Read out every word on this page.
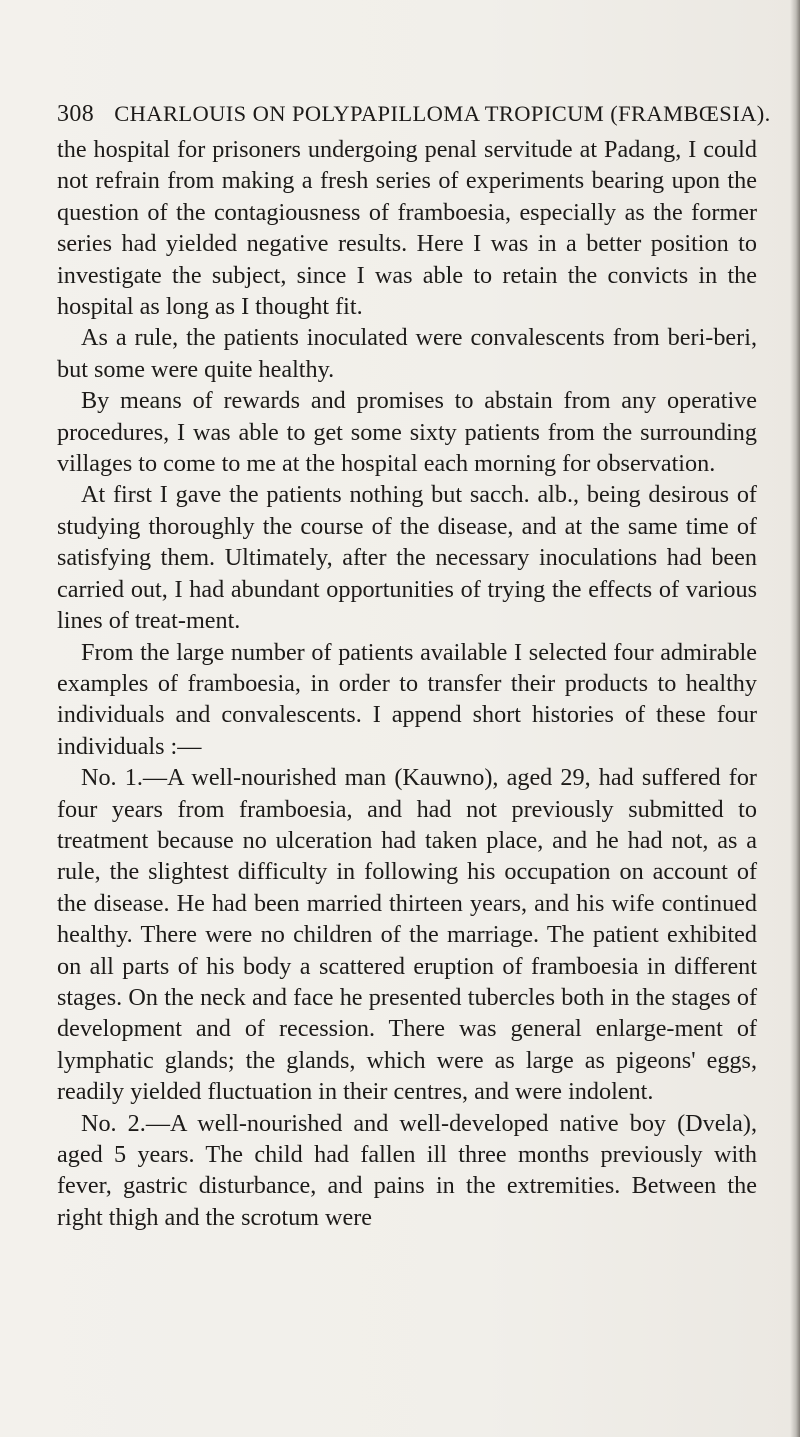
308 CHARLOUIS ON POLYPAPILLOMA TROPICUM (FRAMBŒSIA).

the hospital for prisoners undergoing penal servitude at Padang, I could not refrain from making a fresh series of experiments bearing upon the question of the contagiousness of framboesia, especially as the former series had yielded negative results. Here I was in a better position to investigate the subject, since I was able to retain the convicts in the hospital as long as I thought fit.

As a rule, the patients inoculated were convalescents from beri-beri, but some were quite healthy.

By means of rewards and promises to abstain from any operative procedures, I was able to get some sixty patients from the surrounding villages to come to me at the hospital each morning for observation.

At first I gave the patients nothing but sacch. alb., being desirous of studying thoroughly the course of the disease, and at the same time of satisfying them. Ultimately, after the necessary inoculations had been carried out, I had abundant opportunities of trying the effects of various lines of treat-ment.

From the large number of patients available I selected four admirable examples of framboesia, in order to transfer their products to healthy individuals and convalescents. I append short histories of these four individuals :—

No. 1.—A well-nourished man (Kauwno), aged 29, had suffered for four years from framboesia, and had not previously submitted to treatment because no ulceration had taken place, and he had not, as a rule, the slightest difficulty in following his occupation on account of the disease. He had been married thirteen years, and his wife continued healthy. There were no children of the marriage. The patient exhibited on all parts of his body a scattered eruption of framboesia in different stages. On the neck and face he presented tubercles both in the stages of development and of recession. There was general enlarge-ment of lymphatic glands; the glands, which were as large as pigeons' eggs, readily yielded fluctuation in their centres, and were indolent.

No. 2.—A well-nourished and well-developed native boy (Dvela), aged 5 years. The child had fallen ill three months previously with fever, gastric disturbance, and pains in the extremities. Between the right thigh and the scrotum were
